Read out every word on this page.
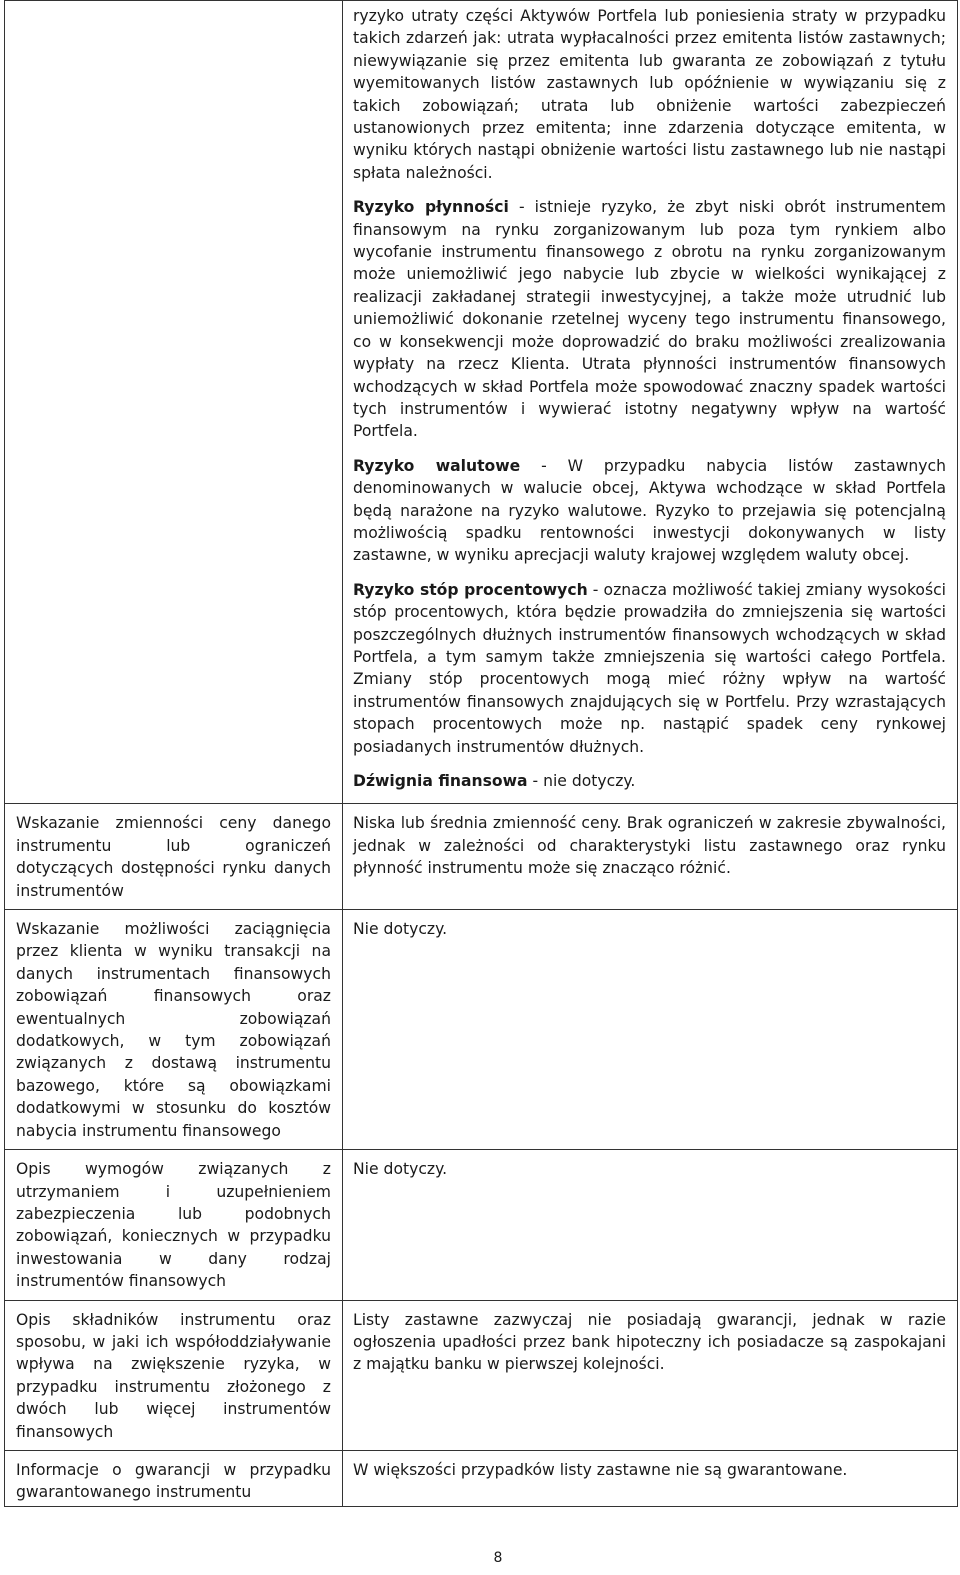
	ryzyko utraty części Aktywów Portfela lub poniesienia straty w przypadku takich zdarzeń jak: utrata wypłacalności przez emitenta listów zastawnych; niewywiązanie się przez emitenta lub gwaranta ze zobowiązań z tytułu wyemitowanych listów zastawnych lub opóźnienie w wywiązaniu się z takich zobowiązań; utrata lub obniżenie wartości zabezpieczeń ustanowionych przez emitenta; inne zdarzenia dotyczące emitenta, w wyniku których nastąpi obniżenie wartości listu zastawnego lub nie nastąpi spłata należności.

Ryzyko płynności - istnieje ryzyko, że zbyt niski obrót instrumentem finansowym na rynku zorganizowanym lub poza tym rynkiem albo wycofanie instrumentu finansowego z obrotu na rynku zorganizowanym może uniemożliwić jego nabycie lub zbycie w wielkości wynikającej z realizacji zakładanej strategii inwestycyjnej, a także może utrudnić lub uniemożliwić dokonanie rzetelnej wyceny tego instrumentu finansowego, co w konsekwencji może doprowadzić do braku możliwości zrealizowania wypłaty na rzecz Klienta. Utrata płynności instrumentów finansowych wchodzących w skład Portfela może spowodować znaczny spadek wartości tych instrumentów i wywierać istotny negatywny wpływ na wartość Portfela.

Ryzyko walutowe - W przypadku nabycia listów zastawnych denominowanych w walucie obcej, Aktywa wchodzące w skład Portfela będą narażone na ryzyko walutowe. Ryzyko to przejawia się potencjalną możliwością spadku rentowności inwestycji dokonywanych w listy zastawne, w wyniku aprecjacji waluty krajowej względem waluty obcej.

Ryzyko stóp procentowych - oznacza możliwość takiej zmiany wysokości stóp procentowych, która będzie prowadziła do zmniejszenia się wartości poszczególnych dłużnych instrumentów finansowych wchodzących w skład Portfela, a tym samym także zmniejszenia się wartości całego Portfela. Zmiany stóp procentowych mogą mieć różny wpływ na wartość instrumentów finansowych znajdujących się w Portfelu. Przy wzrastających stopach procentowych może np. nastąpić spadek ceny rynkowej posiadanych instrumentów dłużnych.

Dźwignia finansowa - nie dotyczy.

Wskazanie zmienności ceny danego instrumentu lub ograniczeń dotyczących dostępności rynku danych instrumentów	Niska lub średnia zmienność ceny. Brak ograniczeń w zakresie zbywalności, jednak w zależności od charakterystyki listu zastawnego oraz rynku płynność instrumentu może się znacząco różnić.

Wskazanie możliwości zaciągnięcia przez klienta w wyniku transakcji na danych instrumentach finansowych zobowiązań finansowych oraz ewentualnych zobowiązań dodatkowych, w tym zobowiązań związanych z dostawą instrumentu bazowego, które są obowiązkami dodatkowymi w stosunku do kosztów nabycia instrumentu finansowego	Nie dotyczy.

Opis wymogów związanych z utrzymaniem i uzupełnieniem zabezpieczenia lub podobnych zobowiązań, koniecznych w przypadku inwestowania w dany rodzaj instrumentów finansowych	Nie dotyczy.

Opis składników instrumentu oraz sposobu, w jaki ich współoddziaływanie wpływa na zwiększenie ryzyka, w przypadku instrumentu złożonego z dwóch lub więcej instrumentów finansowych	Listy zastawne zazwyczaj nie posiadają gwarancji, jednak w razie ogłoszenia upadłości przez bank hipoteczny ich posiadacze są zaspokajani z majątku banku w pierwszej kolejności.

Informacje o gwarancji w przypadku gwarantowanego instrumentu	W większości przypadków listy zastawne nie są gwarantowane.
8
